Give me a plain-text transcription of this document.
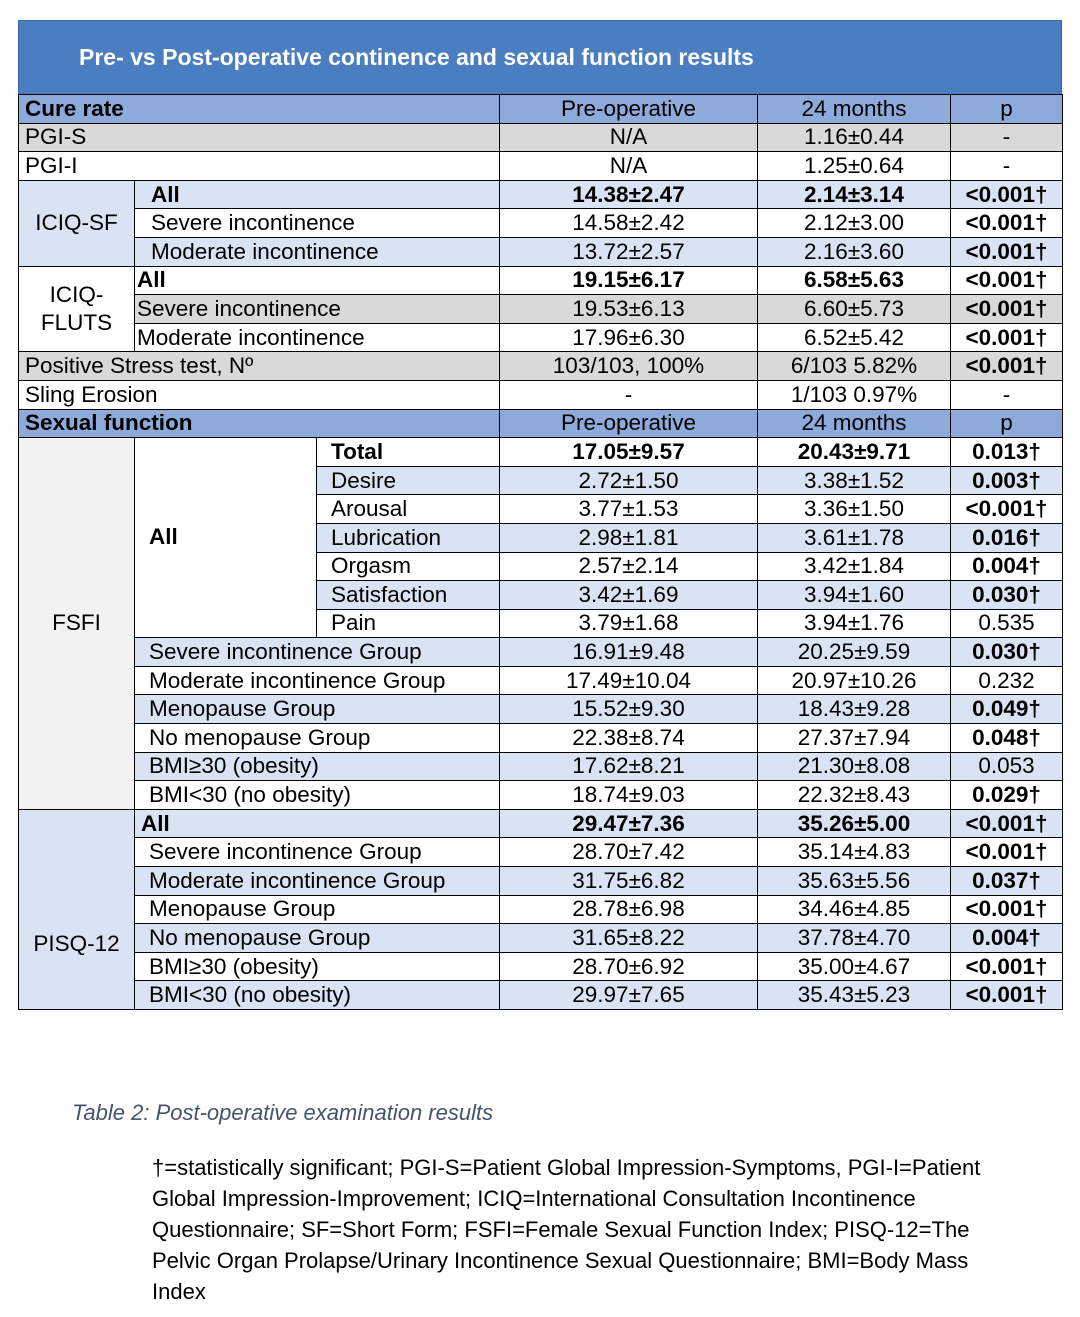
Pre- vs Post-operative continence and sexual function results
Cure rate			Pre-operative	24 months	p
PGI-S			N/A	1.16±0.44	-
PGI-I			N/A	1.25±0.64	-
ICIQ-SF	All		14.38±2.47	2.14±3.14	<0.001†
	Severe incontinence		14.58±2.42	2.12±3.00	<0.001†
	Moderate incontinence		13.72±2.57	2.16±3.60	<0.001†

ICIQ-
FLUTS	All		19.15±6.17	6.58±5.63	<0.001†
	Severe incontinence		19.53±6.13	6.60±5.73	<0.001†
	Moderate incontinence		17.96±6.30	6.52±5.42	<0.001†
Positive Stress test, Nº			103/103, 100%	6/103 5.82%	<0.001†
Sling Erosion			-	1/103 0.97%	-
Sexual function			Pre-operative	24 months	p
FSFI	All	Total	17.05±9.57	20.43±9.71	0.013†
		Desire	2.72±1.50	3.38±1.52	0.003†
		Arousal	3.77±1.53	3.36±1.50	<0.001†
		Lubrication	2.98±1.81	3.61±1.78	0.016†
		Orgasm	2.57±2.14	3.42±1.84	0.004†
		Satisfaction	3.42±1.69	3.94±1.60	0.030†
		Pain	3.79±1.68	3.94±1.76	0.535
	Severe incontinence Group		16.91±9.48	20.25±9.59	0.030†
	Moderate incontinence Group		17.49±10.04	20.97±10.26	0.232
	Menopause Group		15.52±9.30	18.43±9.28	0.049†
	No menopause Group		22.38±8.74	27.37±7.94	0.048†
	BMI≥30 (obesity)		17.62±8.21	21.30±8.08	0.053
	BMI<30 (no obesity)		18.74±9.03	22.32±8.43	0.029†
PISQ-12	All		29.47±7.36	35.26±5.00	<0.001†
	Severe incontinence Group		28.70±7.42	35.14±4.83	<0.001†
	Moderate incontinence Group		31.75±6.82	35.63±5.56	0.037†
	Menopause Group		28.78±6.98	34.46±4.85	<0.001†
	No menopause Group		31.65±8.22	37.78±4.70	0.004†
	BMI≥30 (obesity)		28.70±6.92	35.00±4.67	<0.001†
	BMI<30 (no obesity)		29.97±7.65	35.43±5.23	<0.001†
Table 2: Post-operative examination results
†=statistically significant; PGI-S=Patient Global Impression-Symptoms, PGI-I=Patient Global Impression-Improvement; ICIQ=International Consultation Incontinence Questionnaire; SF=Short Form; FSFI=Female Sexual Function Index; PISQ-12=The Pelvic Organ Prolapse/Urinary Incontinence Sexual Questionnaire; BMI=Body Mass Index
